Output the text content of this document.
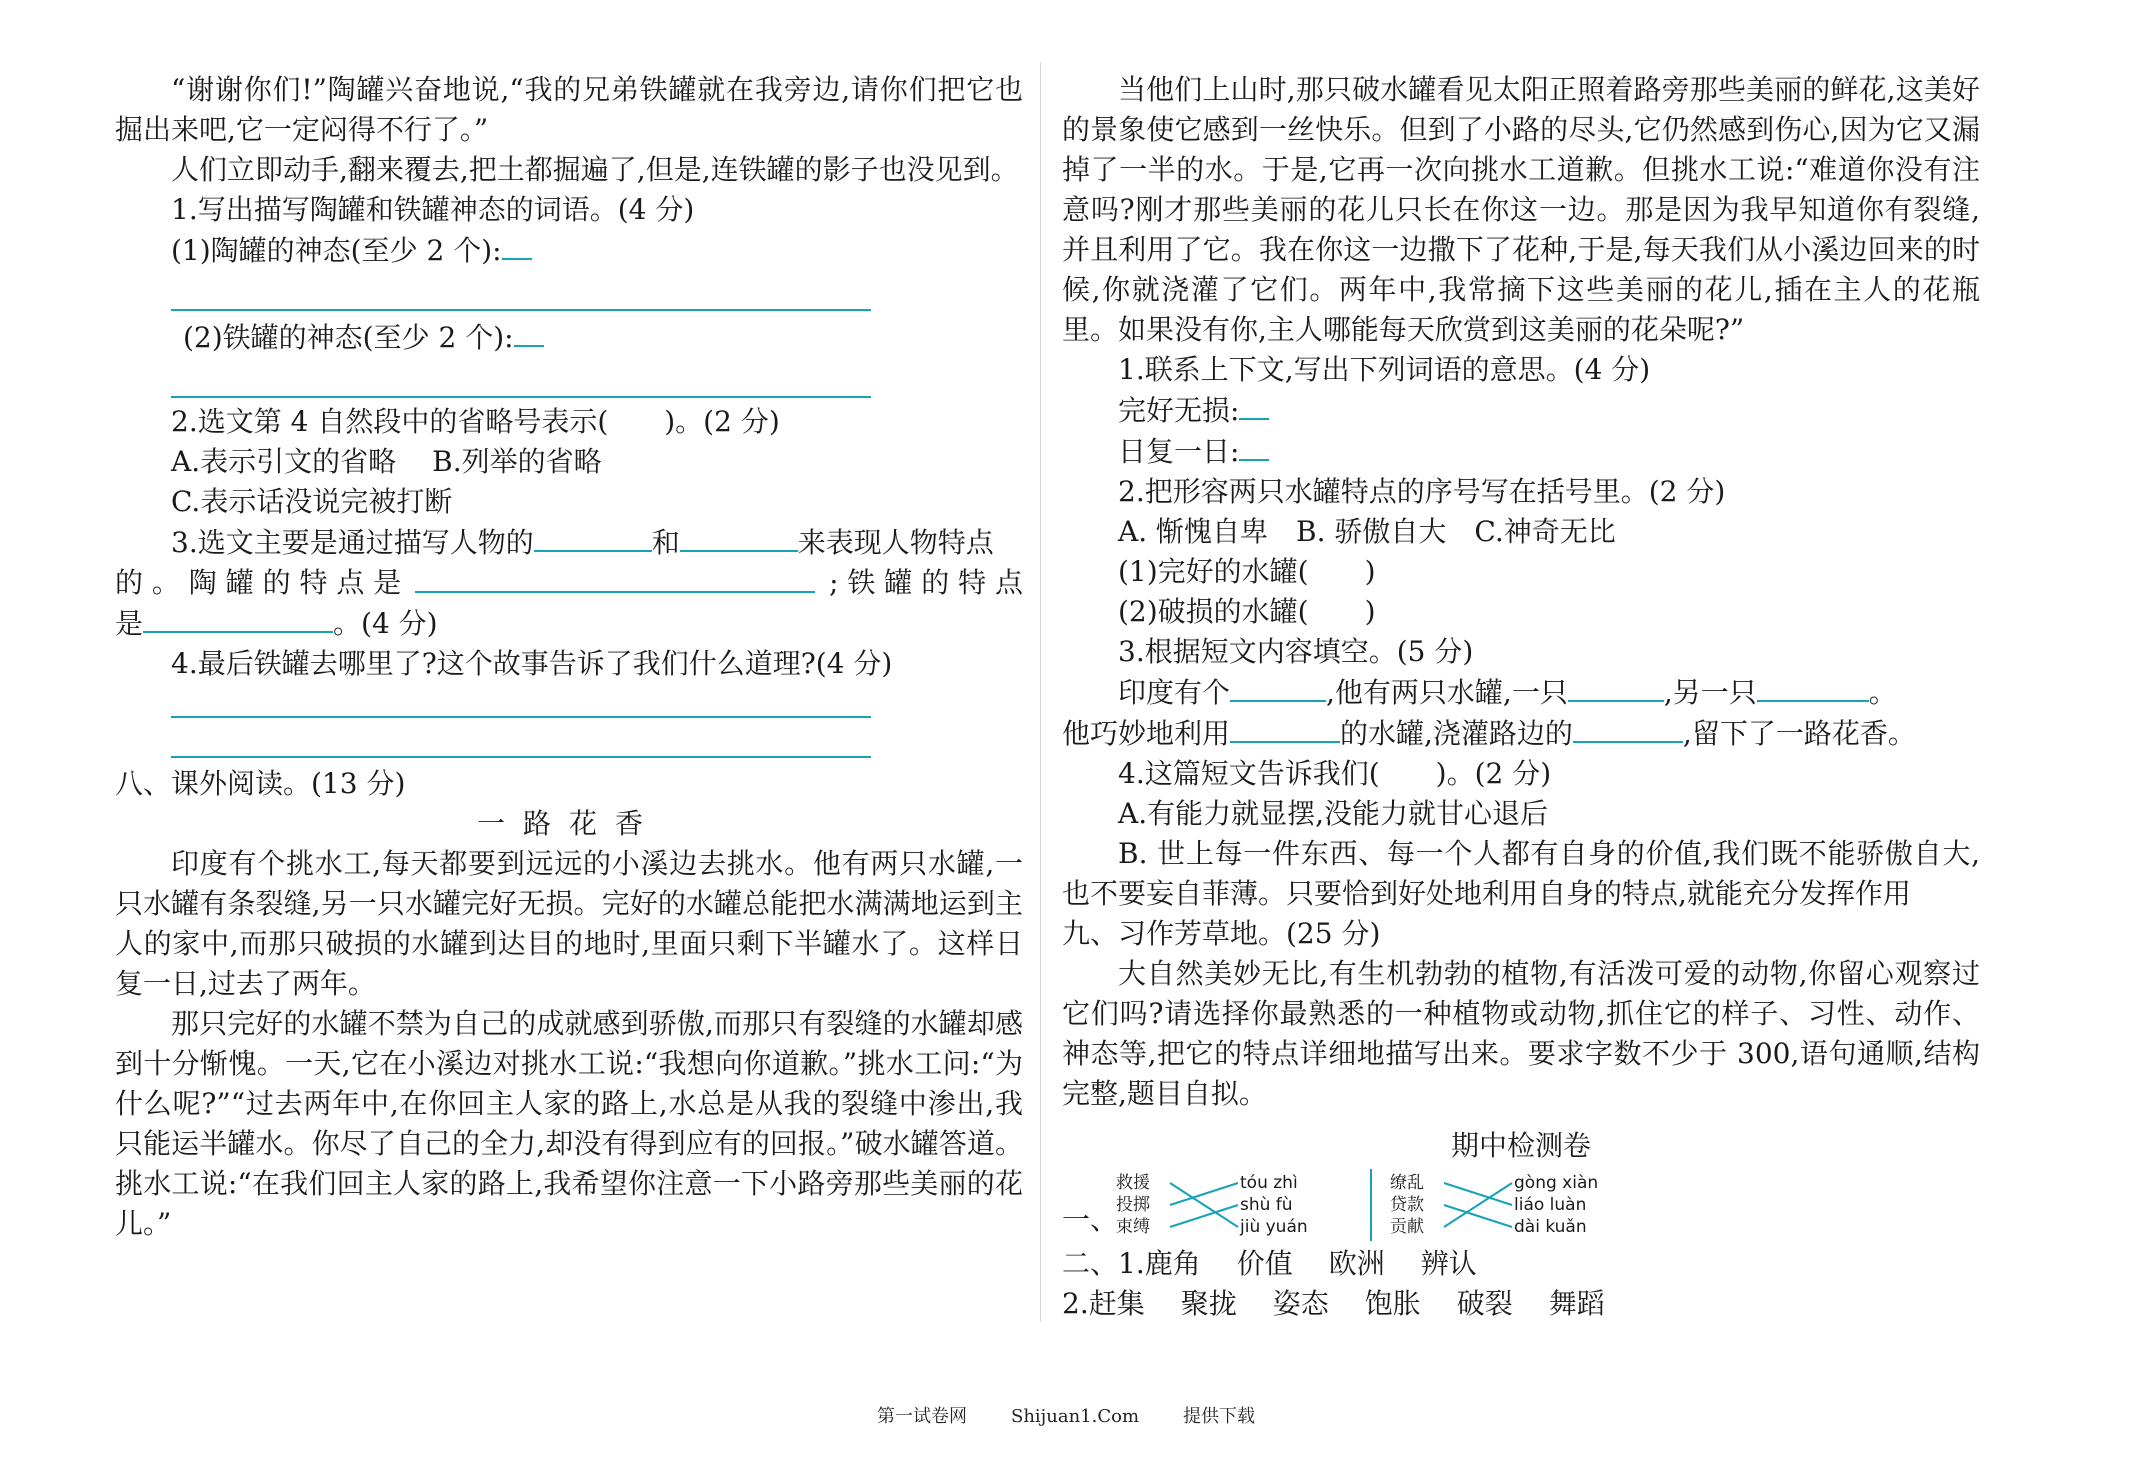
“谢谢你们!”陶罐兴奋地说,“我的兄弟铁罐就在我旁边,请你们把它也掘出来吧,它一定闷得不行了。”
人们立即动手,翻来覆去,把土都掘遍了,但是,连铁罐的影子也没见到。
1.写出描写陶罐和铁罐神态的词语。(4 分)
(1)陶罐的神态(至少 2 个):
(2)铁罐的神态(至少 2 个):
2.选文第 4 自然段中的省略号表示(　　)。(2 分)
A.表示引文的省略 B.列举的省略
C.表示话没说完被打断
3.选文主要是通过描写人物的	和	来表现人物特点
的 。 陶 罐 的 特 点 是	; 铁 罐 的 特 点
是	。(4 分)
4.最后铁罐去哪里了?这个故事告诉了我们什么道理?(4 分)
八、课外阅读。(13 分)
一路花香
印度有个挑水工,每天都要到远远的小溪边去挑水。他有两只水罐,一只水罐有条裂缝,另一只水罐完好无损。完好的水罐总能把水满满地运到主人的家中,而那只破损的水罐到达目的地时,里面只剩下半罐水了。这样日复一日,过去了两年。
那只完好的水罐不禁为自己的成就感到骄傲,而那只有裂缝的水罐却感到十分惭愧。一天,它在小溪边对挑水工说:“我想向你道歉。”挑水工问:“为什么呢?”“过去两年中,在你回主人家的路上,水总是从我的裂缝中渗出,我只能运半罐水。你尽了自己的全力,却没有得到应有的回报。”破水罐答道。挑水工说:“在我们回主人家的路上,我希望你注意一下小路旁那些美丽的花儿。”
当他们上山时,那只破水罐看见太阳正照着路旁那些美丽的鲜花,这美好的景象使它感到一丝快乐。但到了小路的尽头,它仍然感到伤心,因为它又漏掉了一半的水。于是,它再一次向挑水工道歉。但挑水工说:“难道你没有注意吗?刚才那些美丽的花儿只长在你这一边。那是因为我早知道你有裂缝,并且利用了它。我在你这一边撒下了花种,于是,每天我们从小溪边回来的时候,你就浇灌了它们。两年中,我常摘下这些美丽的花儿,插在主人的花瓶里。如果没有你,主人哪能每天欣赏到这美丽的花朵呢?”
1.联系上下文,写出下列词语的意思。(4 分)
完好无损:
日复一日:
2.把形容两只水罐特点的序号写在括号里。(2 分)
A. 惭愧自卑　B. 骄傲自大　C.神奇无比
(1)完好的水罐(　　)
(2)破损的水罐(　　)
3.根据短文内容填空。(5 分)
印度有个	,他有两只水罐,一只	,另一只	。
他巧妙地利用	的水罐,浇灌路边的	,留下了一路花香。
4.这篇短文告诉我们(　　)。(2 分)
A.有能力就显摆,没能力就甘心退后
B. 世上每一件东西、每一个人都有自身的价值,我们既不能骄傲自大,也不要妄自菲薄。只要恰到好处地利用自身的特点,就能充分发挥作用
九、习作芳草地。(25 分)
大自然美妙无比,有生机勃勃的植物,有活泼可爱的动物,你留心观察过它们吗?请选择你最熟悉的一种植物或动物,抓住它的样子、习性、动作、神态等,把它的特点详细地描写出来。要求字数不少于 300,语句通顺,结构完整,题目自拟。
期中检测卷
一、
救援
投掷
束缚
tóu zhì
shù fù
jiù yuán
缭乱
贷款
贡献
gòng xiàn
liáo luàn
dài kuǎn
二、1.鹿角 价值 欧洲 辨认
2.赶集 聚拢 姿态 饱胀 破裂 舞蹈
第一试卷网 Shijuan1.Com 提供下载
